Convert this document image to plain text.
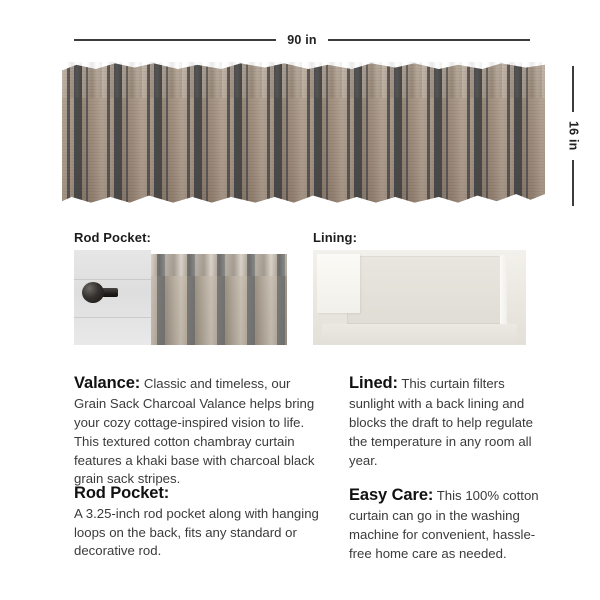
90 in
16 in
Rod Pocket:	Lining:

Valance: Classic and timeless, our Grain Sack Charcoal Valance helps bring your cozy cottage-inspired vision to life. This textured cotton chambray curtain features a khaki base with charcoal black grain sack stripes.

Rod Pocket:

A 3.25-inch rod pocket along with hanging loops on the back, fits any standard or decorative rod.

Lined: This curtain filters sunlight with a back lining and blocks the draft to help regulate the temperature in any room all year.

Easy Care: This 100% cotton curtain can go in the washing machine for convenient, hassle-free home care as needed.
